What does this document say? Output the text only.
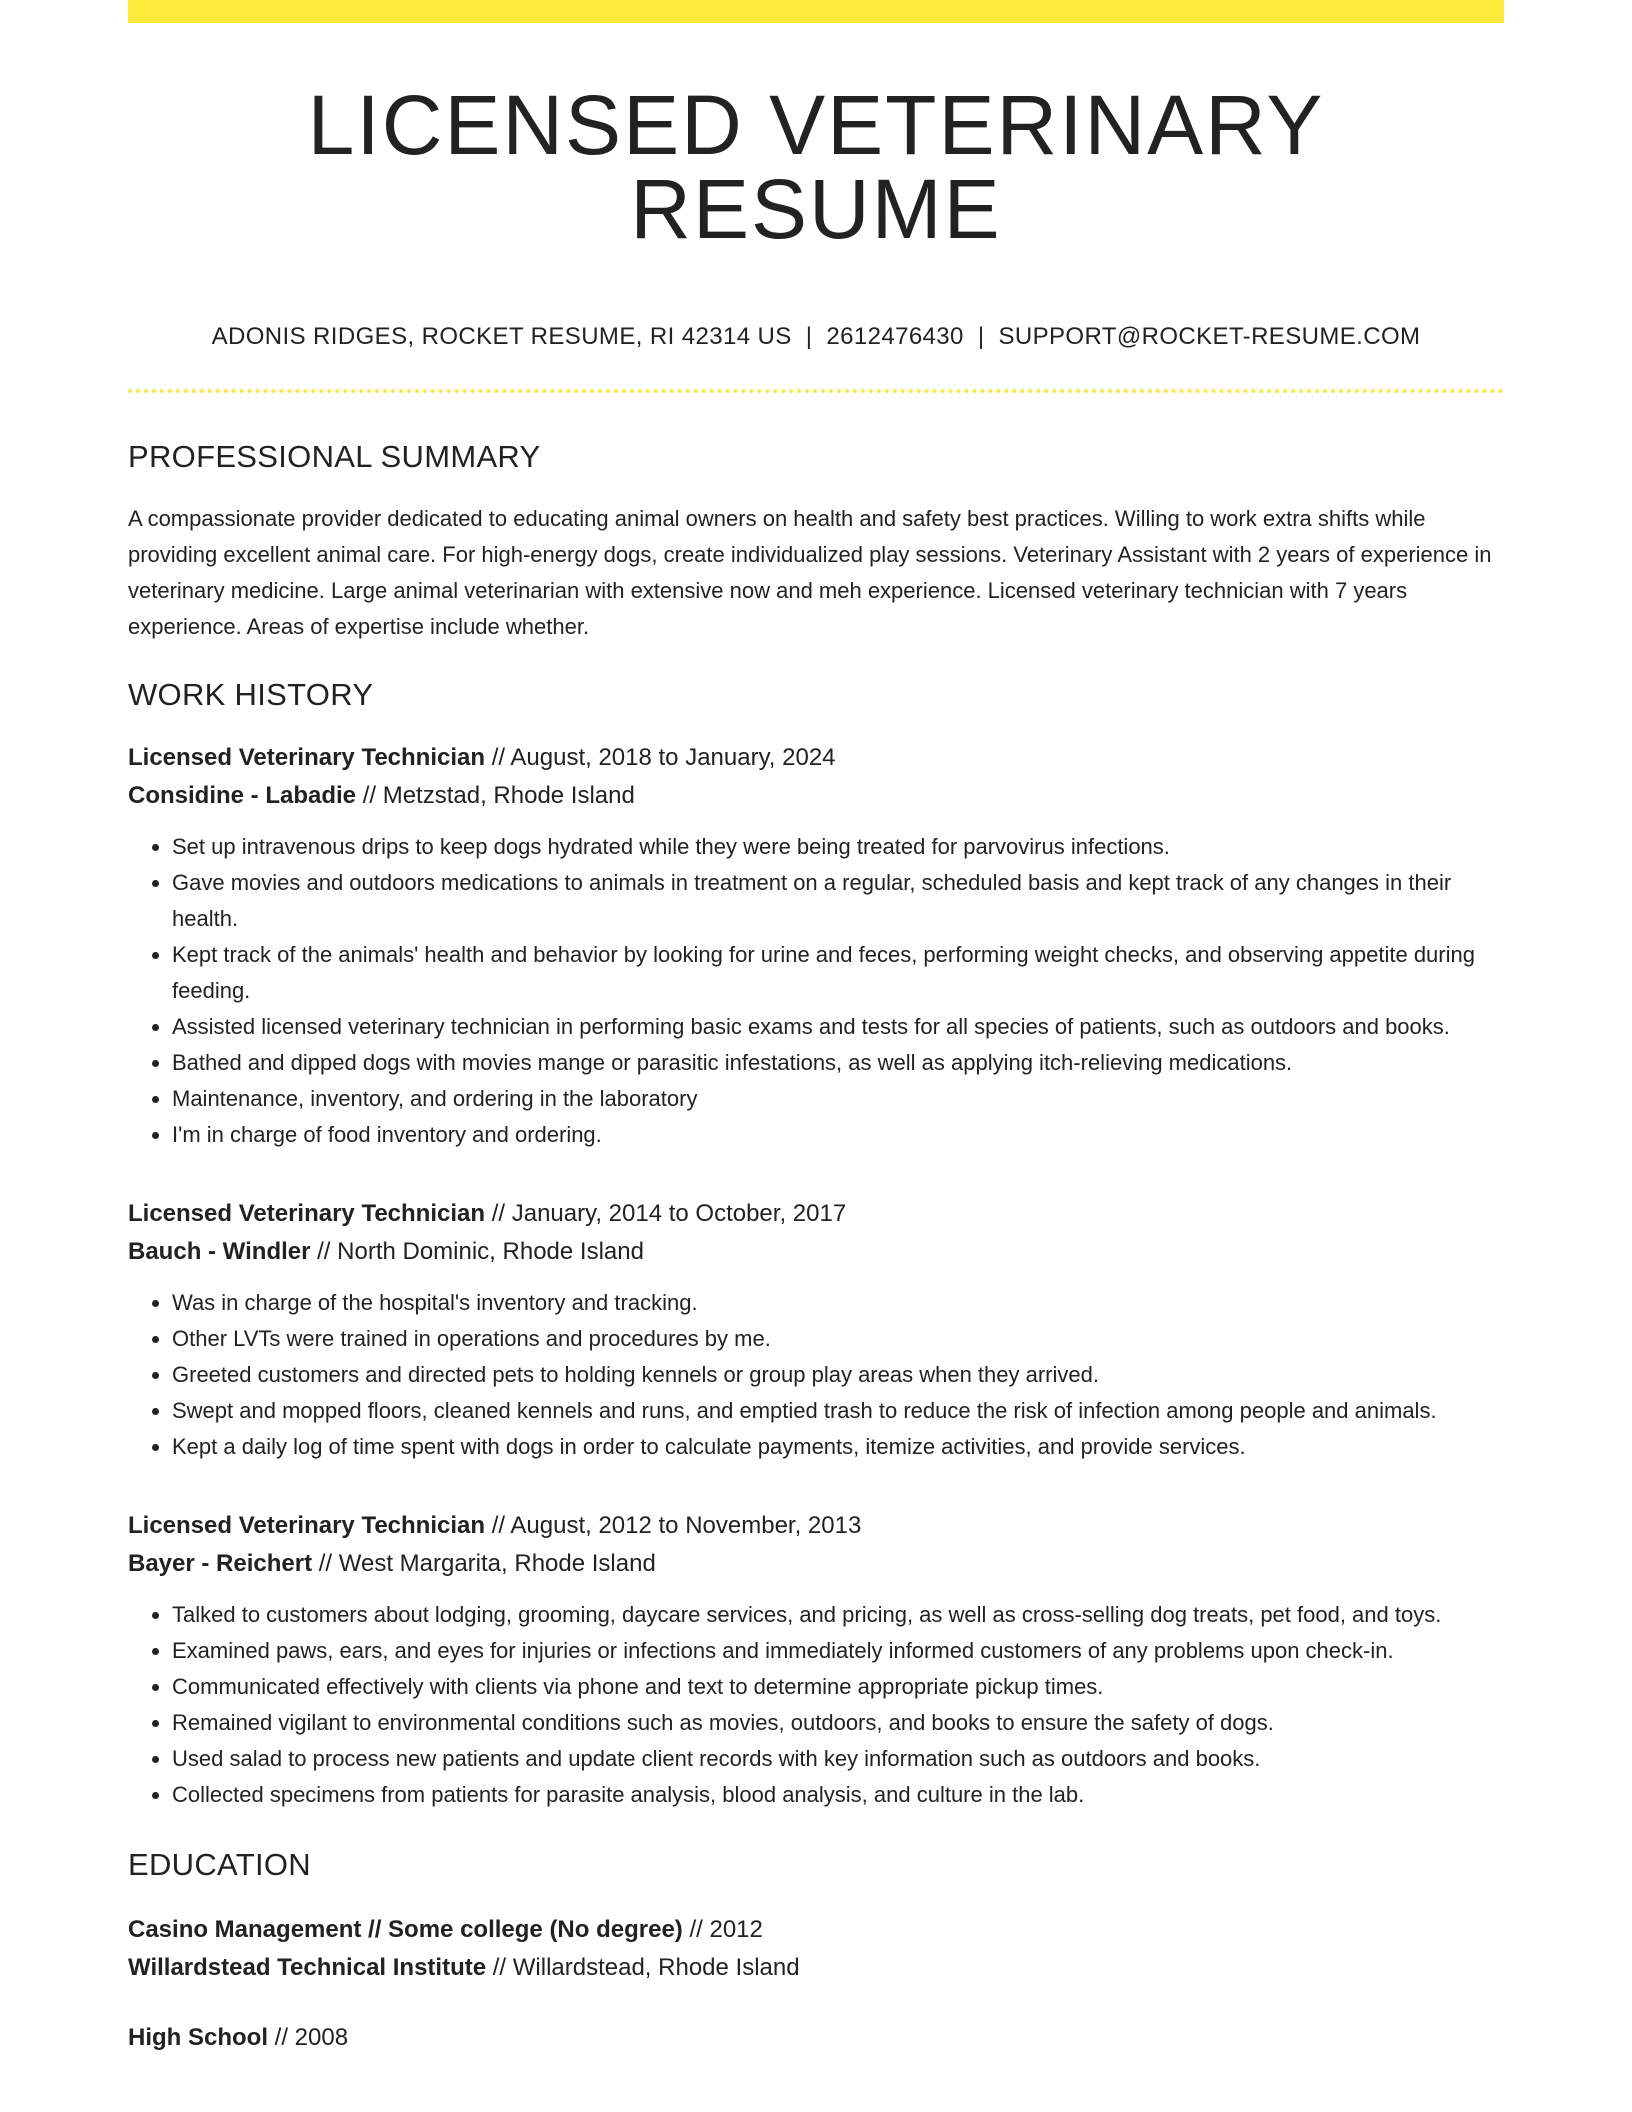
LICENSED VETERINARY RESUME
ADONIS RIDGES, ROCKET RESUME, RI 42314 US | 2612476430 | SUPPORT@ROCKET-RESUME.COM
PROFESSIONAL SUMMARY

A compassionate provider dedicated to educating animal owners on health and safety best practices. Willing to work extra shifts while providing excellent animal care. For high-energy dogs, create individualized play sessions. Veterinary Assistant with 2 years of experience in veterinary medicine. Large animal veterinarian with extensive now and meh experience. Licensed veterinary technician with 7 years experience. Areas of expertise include whether.

WORK HISTORY
Licensed Veterinary Technician // August, 2018 to January, 2024
Considine - Labadie // Metzstad, Rhode Island
• Set up intravenous drips to keep dogs hydrated while they were being treated for parvovirus infections.
• Gave movies and outdoors medications to animals in treatment on a regular, scheduled basis and kept track of any changes in their health.
• Kept track of the animals' health and behavior by looking for urine and feces, performing weight checks, and observing appetite during feeding.
• Assisted licensed veterinary technician in performing basic exams and tests for all species of patients, such as outdoors and books.
• Bathed and dipped dogs with movies mange or parasitic infestations, as well as applying itch-relieving medications.
• Maintenance, inventory, and ordering in the laboratory
• I'm in charge of food inventory and ordering.
Licensed Veterinary Technician // January, 2014 to October, 2017
Bauch - Windler // North Dominic, Rhode Island
• Was in charge of the hospital's inventory and tracking.
• Other LVTs were trained in operations and procedures by me.
• Greeted customers and directed pets to holding kennels or group play areas when they arrived.
• Swept and mopped floors, cleaned kennels and runs, and emptied trash to reduce the risk of infection among people and animals.
• Kept a daily log of time spent with dogs in order to calculate payments, itemize activities, and provide services.
Licensed Veterinary Technician // August, 2012 to November, 2013
Bayer - Reichert // West Margarita, Rhode Island
• Talked to customers about lodging, grooming, daycare services, and pricing, as well as cross-selling dog treats, pet food, and toys.
• Examined paws, ears, and eyes for injuries or infections and immediately informed customers of any problems upon check-in.
• Communicated effectively with clients via phone and text to determine appropriate pickup times.
• Remained vigilant to environmental conditions such as movies, outdoors, and books to ensure the safety of dogs.
• Used salad to process new patients and update client records with key information such as outdoors and books.
• Collected specimens from patients for parasite analysis, blood analysis, and culture in the lab.
EDUCATION
Casino Management // Some college (No degree) // 2012
Willardstead Technical Institute // Willardstead, Rhode Island
High School // 2008
